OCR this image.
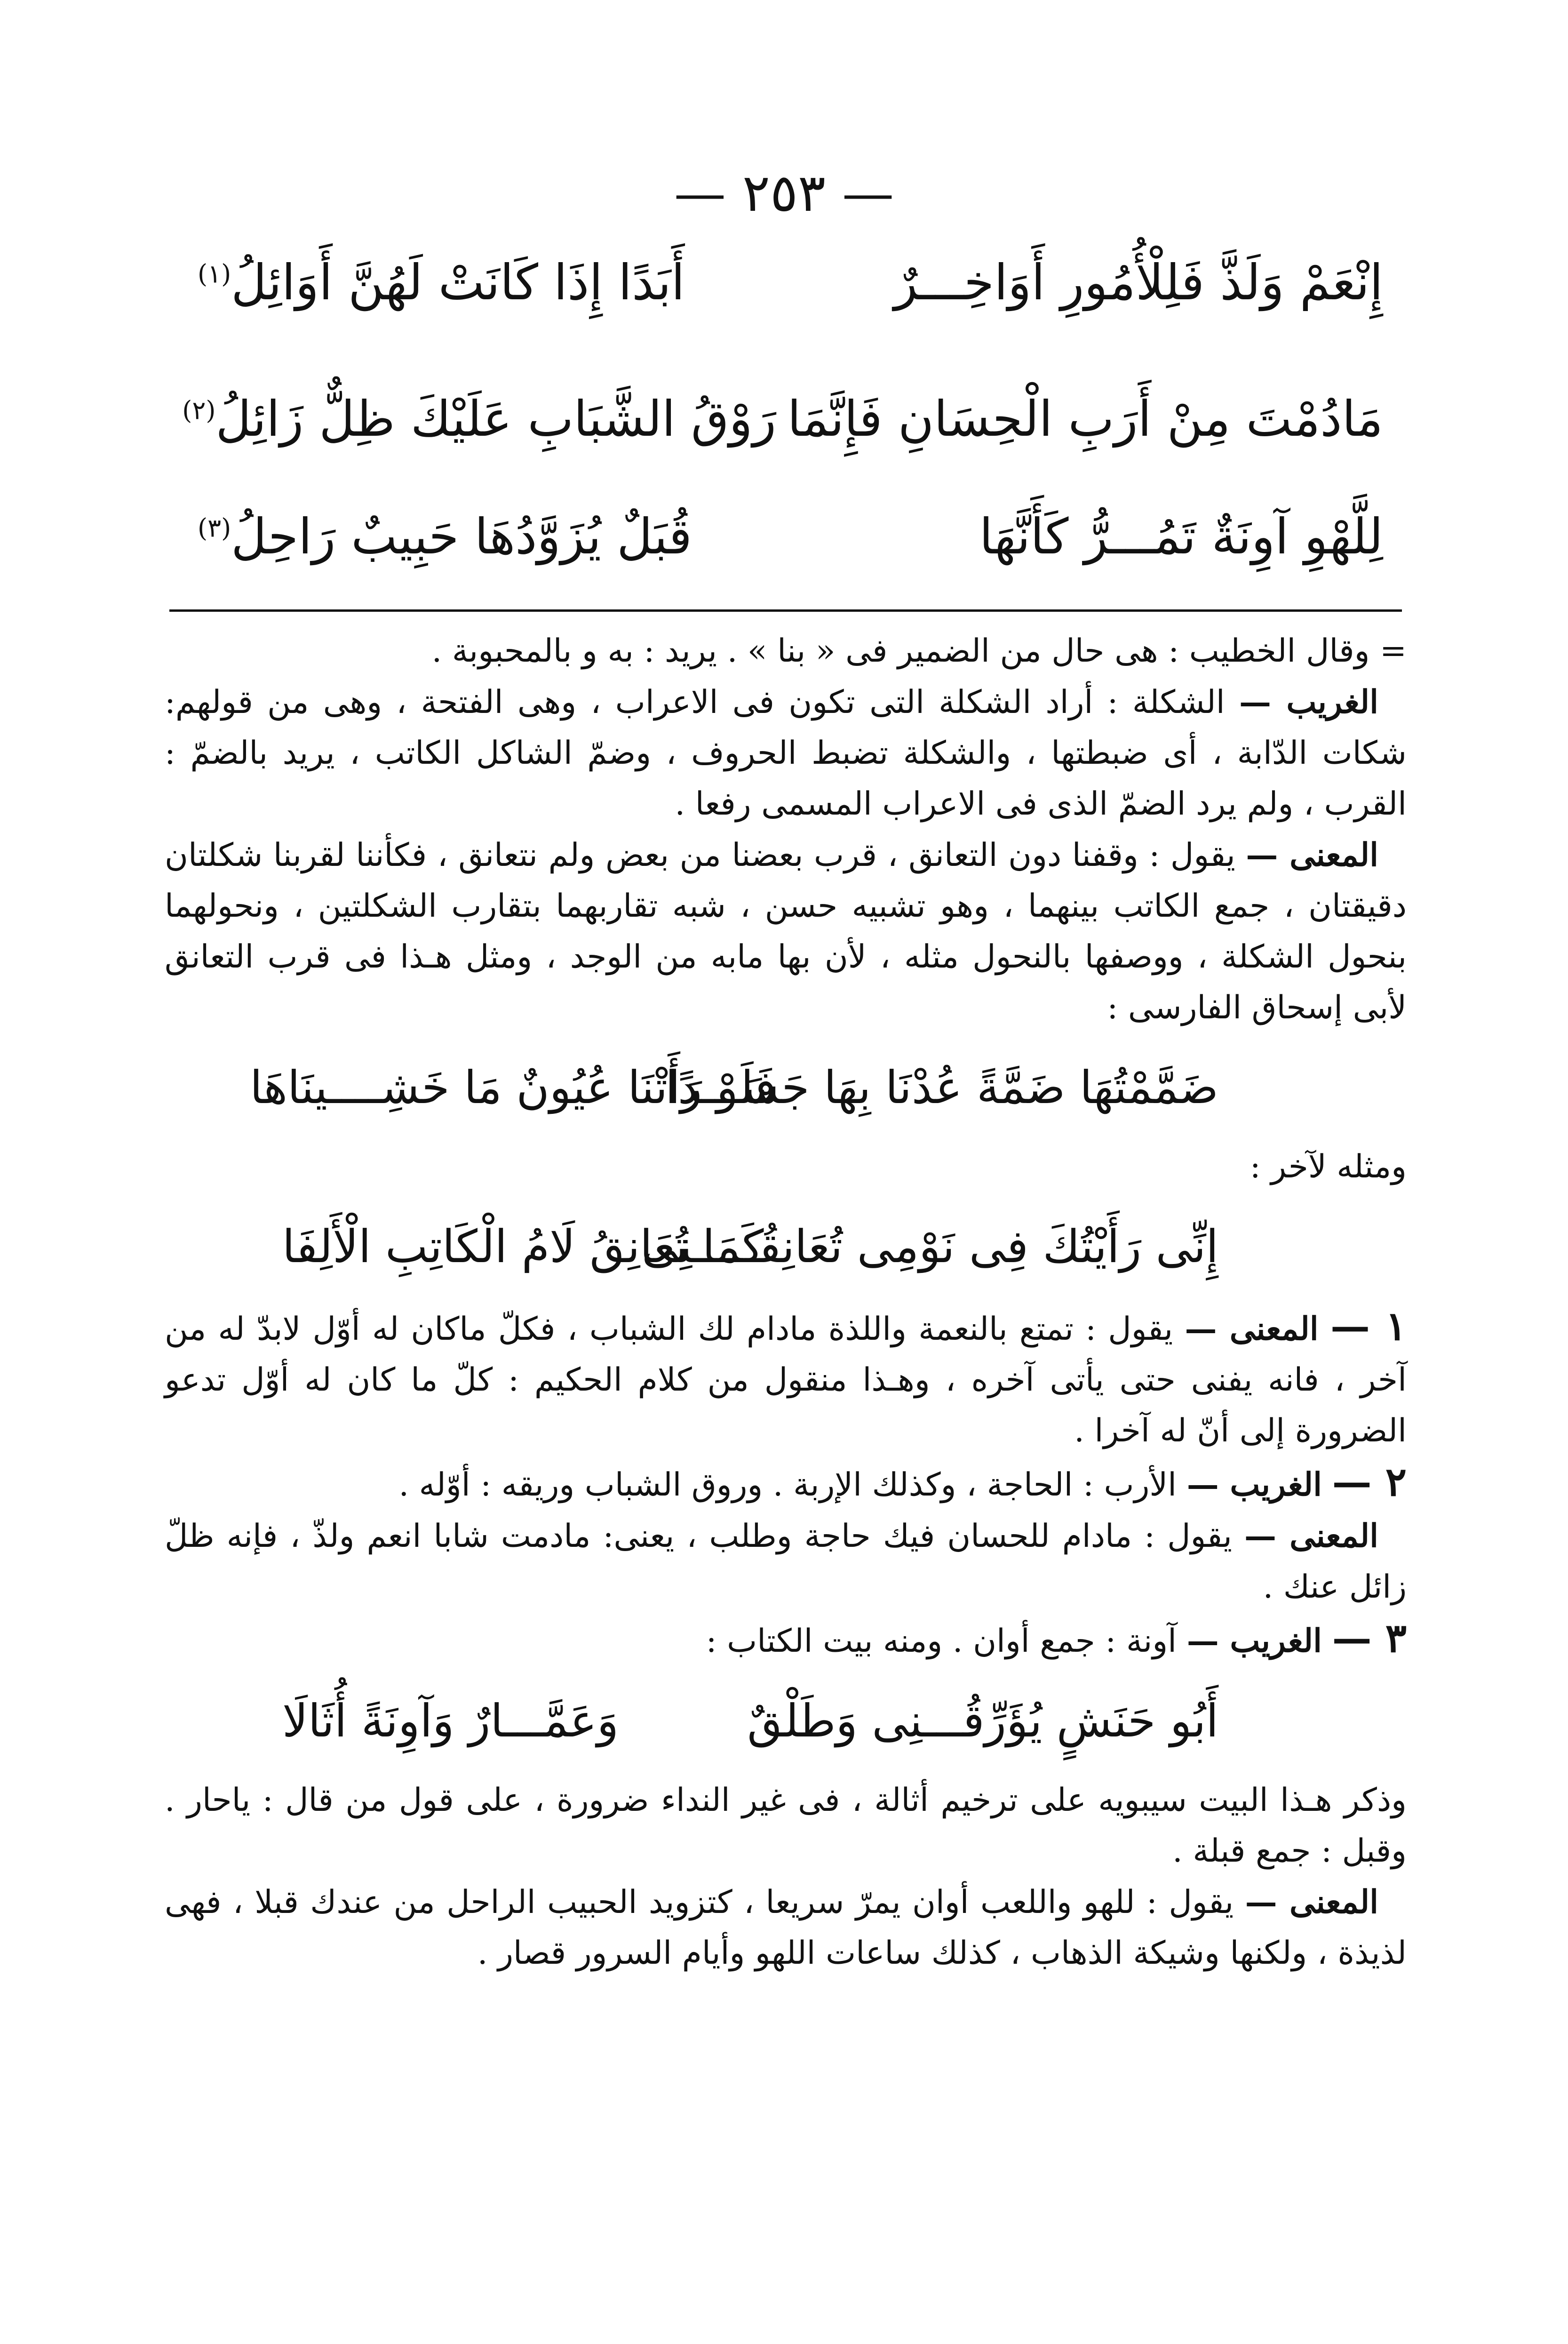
— ٢٥٣ —
إِنْعَمْ وَلَذَّ فَلِلْأُمُورِ أَوَاخِـــرٌ
أَبَدًا إِذَا كَانَتْ لَهُنَّ أَوَائِلُ$^{(١)}$
مَادُمْتَ مِنْ أَرَبِ الْحِسَانِ فَإِنَّمَا
رَوْقُ الشَّبَابِ عَلَيْكَ ظِلٌّ زَائِلُ$^{(٢)}$
لِلَّهْوِ آوِنَةٌ تَمُـــرُّ كَأَنَّهَا
قُبَلٌ يُزَوَّدُهَا حَبِيبٌ رَاحِلُ$^{(٣)}$

= وقال الخطيب : هى حال من الضمير فى « بنا » . يريد : به و بالمحبوبة .

الغريب — الشكلة : أراد الشكلة التى تكون فى الاعراب ، وهى الفتحة ، وهى من قولهم: شكات الدّابة ، أى ضبطتها ، والشكلة تضبط الحروف ، وضمّ الشاكل الكاتب ، يريد بالضمّ : القرب ، ولم يرد الضمّ الذى فى الاعراب المسمى رفعا .

المعنى — يقول : وقفنا دون التعانق ، قرب بعضنا من بعض ولم نتعانق ، فكأننا لقربنا شكلتان دقيقتان ، جمع الكاتب بينهما ، وهو تشبيه حسن ، شبه تقاربهما بتقارب الشكلتين ، ونحولهما بنحول الشكلة ، ووصفها بالنحول مثله ، لأن بها مابه من الوجد ، ومثل هـذا فى قرب التعانق لأبى إسحاق الفارسى :

ضَمَّمْتُهَا ضَمَّةً عُدْنَا بِهَا جَسَـــدًا
فَلَوْ رَأَتْنَا عُيُونٌ مَا خَشِــــينَاهَا

ومثله لآخر :

إِنِّى رَأَيْتُكَ فِى نَوْمِى تُعَانِقُـــــنِى
كَمَا تُعَانِقُ لَامُ الْكَاتِبِ الْأَلِفَا

١ — المعنى — يقول : تمتع بالنعمة واللذة مادام لك الشباب ، فكلّ ماكان له أوّل لابدّ له من آخر ، فانه يفنى حتى يأتى آخره ، وهـذا منقول من كلام الحكيم : كلّ ما كان له أوّل تدعو الضرورة إلى أنّ له آخرا .

٢ — الغريب — الأرب : الحاجة ، وكذلك الإربة . وروق الشباب وريقه : أوّله .

المعنى — يقول : مادام للحسان فيك حاجة وطلب ، يعنى: مادمت شابا انعم ولذّ ، فإنه ظلّ زائل عنك .

٣ — الغريب — آونة : جمع أوان . ومنه بيت الكتاب :

أَبُو حَنَشٍ يُؤَرِّقُـــنِى وَطَلْقٌ
وَعَمَّـــارٌ وَآوِنَةً أُثَالَا

وذكر هـذا البيت سيبويه على ترخيم أثالة ، فى غير النداء ضرورة ، على قول من قال : ياحار . وقبل : جمع قبلة .

المعنى — يقول : للهو واللعب أوان يمرّ سريعا ، كتزويد الحبيب الراحل من عندك قبلا ، فهى لذيذة ، ولكنها وشيكة الذهاب ، كذلك ساعات اللهو وأيام السرور قصار .
